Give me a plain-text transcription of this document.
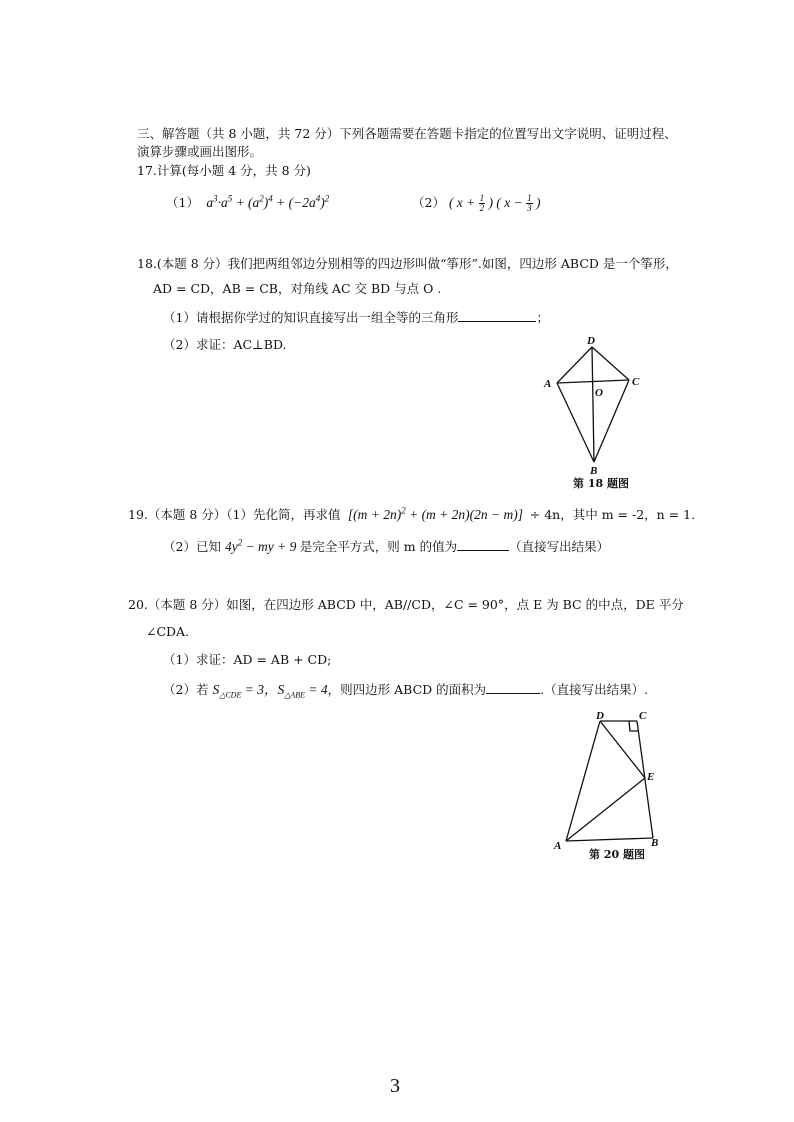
三、解答题（共 8 小题，共 72 分）下列各题需要在答题卡指定的位置写出文字说明、证明过程、
演算步骤或画出图形。
17.计算(每小题 4 分，共 8 分)
（1）  $a^3\cdot a^5 + (a^2)^4 + (-2a^4)^2$	（2） ( $x + \frac{1}{2}$ ) ( $x - \frac{1}{3}$ )
18.(本题 8 分）我们把两组邻边分别相等的四边形叫做“筝形”.如图，四边形 ABCD 是一个筝形，
AD = CD，AB = CB，对角线 AC 交 BD 与点 O .
（1）请根据你学过的知识直接写出一组全等的三角形	；
（2）求证：AC⊥BD.	D
A
O
C
B
第 18 题图
19.（本题 8 分）（1）先化简，再求值  $[(m + 2n)^2 + (m + 2n)(2n - m)] \div 4n$，其中 m = -2，n = 1.
（2）已知 $4y^2$ − my + 9 是完全平方式，则 m 的值为	（直接写出结果）
20.（本题 8 分）如图，在四边形 ABCD 中，AB//CD，∠C = 90°，点 E 为 BC 的中点，DE 平分
∠CDA.
（1）求证：AD = AB + CD;
（2）若 $S_{\triangle CDE} = 3$，$S_{\triangle ABE} = 4$，则四边形 ABCD 的面积为	.（直接写出结果）.
D	C
E
A	B
第 20 题图
3
